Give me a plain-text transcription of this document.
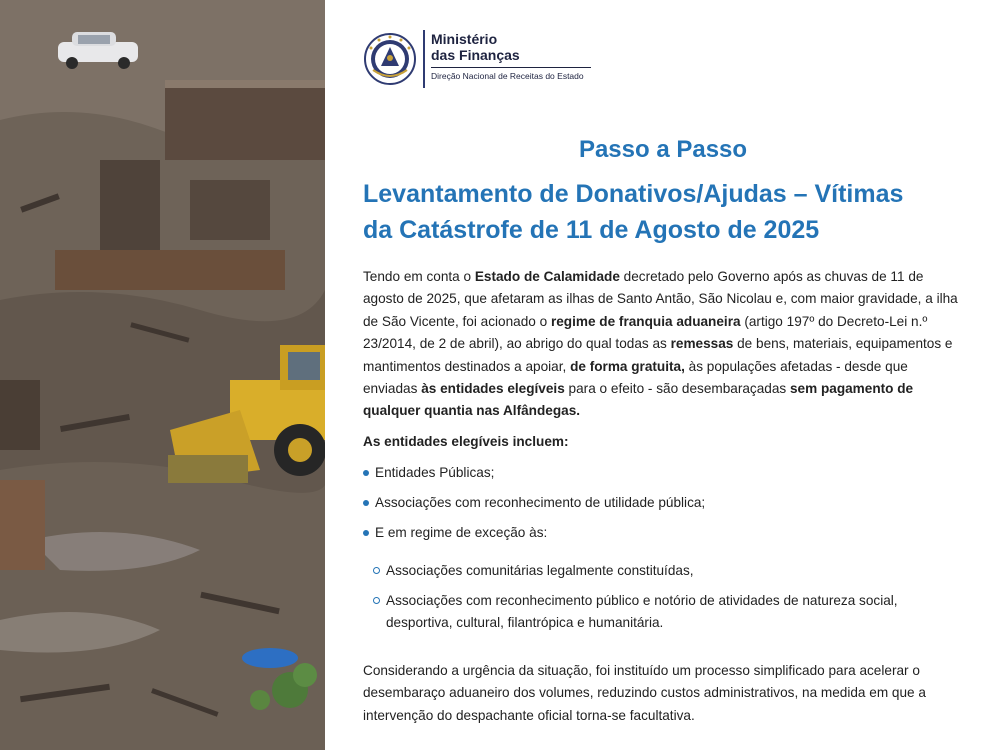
Ministério
das Finanças
Direção Nacional de Receitas do Estado
Passo a Passo
Levantamento de Donativos/Ajudas – Vítimas
da Catástrofe de 11 de Agosto de 2025
Tendo em conta o Estado de Calamidade decretado pelo Governo após as chuvas de 11 de agosto de 2025, que afetaram as ilhas de Santo Antão, São Nicolau e, com maior gravidade, a ilha de São Vicente, foi acionado o regime de franquia aduaneira (artigo 197º do Decreto-Lei n.º 23/2014, de 2 de abril), ao abrigo do qual todas as remessas de bens, materiais, equipamentos e mantimentos destinados a apoiar, de forma gratuita, às populações afetadas - desde que enviadas às entidades elegíveis para o efeito - são desembaraçadas sem pagamento de qualquer quantia nas Alfândegas.
As entidades elegíveis incluem:
Entidades Públicas;
Associações com reconhecimento de utilidade pública;
E em regime de exceção às:
Associações comunitárias legalmente constituídas,
Associações com reconhecimento público e notório de atividades de natureza social, desportiva, cultural, filantrópica e humanitária.
Considerando a urgência da situação, foi instituído um processo simplificado para acelerar o desembaraço aduaneiro dos volumes, reduzindo custos administrativos, na medida em que a intervenção do despachante oficial torna-se facultativa.
